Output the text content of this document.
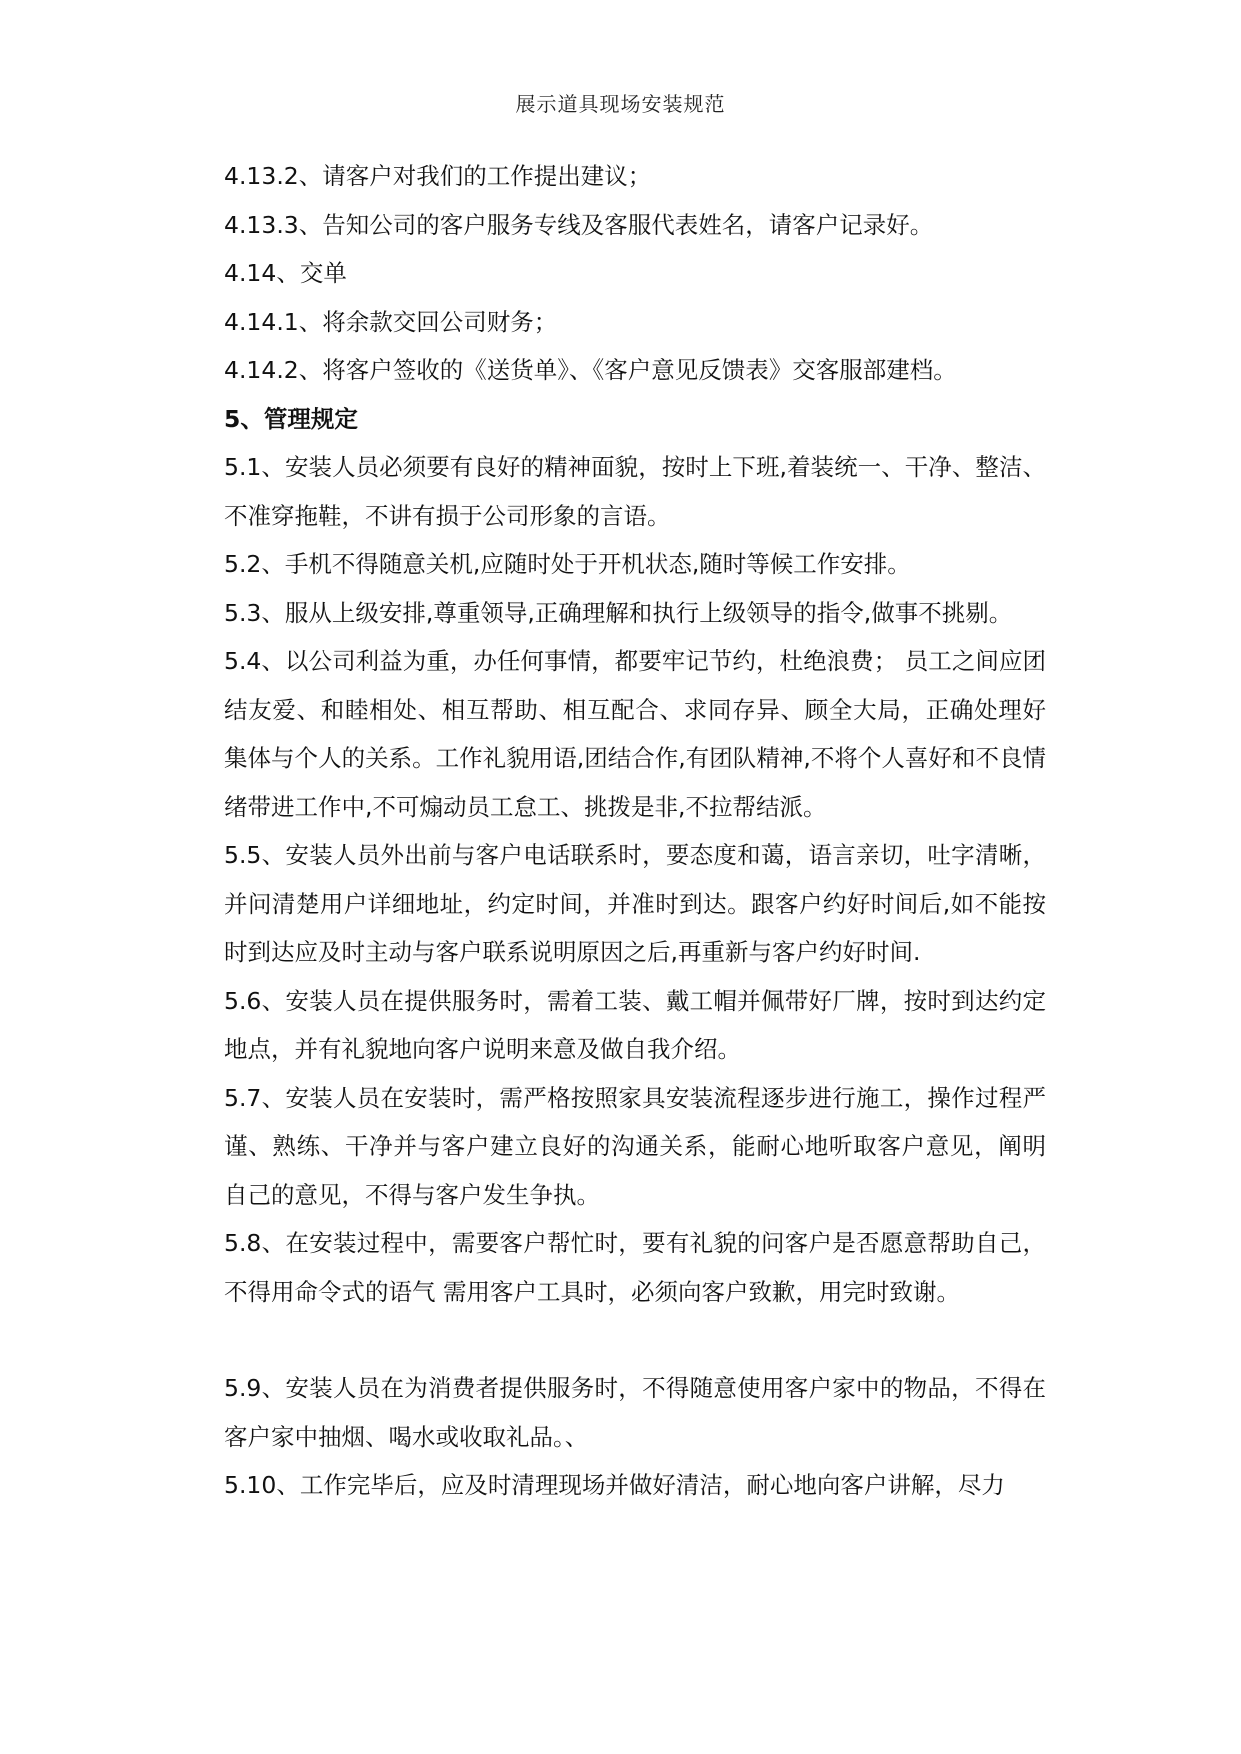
展示道具现场安装规范

4.13.2、请客户对我们的工作提出建议；

4.13.3、告知公司的客户服务专线及客服代表姓名，请客户记录好。

4.14、交单

4.14.1、将余款交回公司财务；

4.14.2、将客户签收的《送货单》、《客户意见反馈表》交客服部建档。

5、管理规定

5.1、安装人员必须要有良好的精神面貌，按时上下班,着装统一、干净、整洁、不准穿拖鞋，不讲有损于公司形象的言语。

5.2、手机不得随意关机,应随时处于开机状态,随时等候工作安排。

5.3、服从上级安排,尊重领导,正确理解和执行上级领导的指令,做事不挑剔。

5.4、以公司利益为重，办任何事情，都要牢记节约，杜绝浪费； 员工之间应团结友爱、和睦相处、相互帮助、相互配合、求同存异、顾全大局，正确处理好集体与个人的关系。工作礼貌用语,团结合作,有团队精神,不将个人喜好和不良情绪带进工作中,不可煽动员工怠工、挑拨是非,不拉帮结派。

5.5、安装人员外出前与客户电话联系时，要态度和蔼，语言亲切，吐字清晰，并问清楚用户详细地址，约定时间，并准时到达。跟客户约好时间后,如不能按时到达应及时主动与客户联系说明原因之后,再重新与客户约好时间.

5.6、安装人员在提供服务时，需着工装、戴工帽并佩带好厂牌，按时到达约定地点，并有礼貌地向客户说明来意及做自我介绍。

5.7、安装人员在安装时，需严格按照家具安装流程逐步进行施工，操作过程严谨、熟练、干净并与客户建立良好的沟通关系，能耐心地听取客户意见，阐明自己的意见，不得与客户发生争执。

5.8、在安装过程中，需要客户帮忙时，要有礼貌的问客户是否愿意帮助自己，不得用命令式的语气 需用客户工具时，必须向客户致歉，用完时致谢。

5.9、安装人员在为消费者提供服务时，不得随意使用客户家中的物品，不得在客户家中抽烟、喝水或收取礼品。、

5.10、工作完毕后，应及时清理现场并做好清洁，耐心地向客户讲解，尽力
